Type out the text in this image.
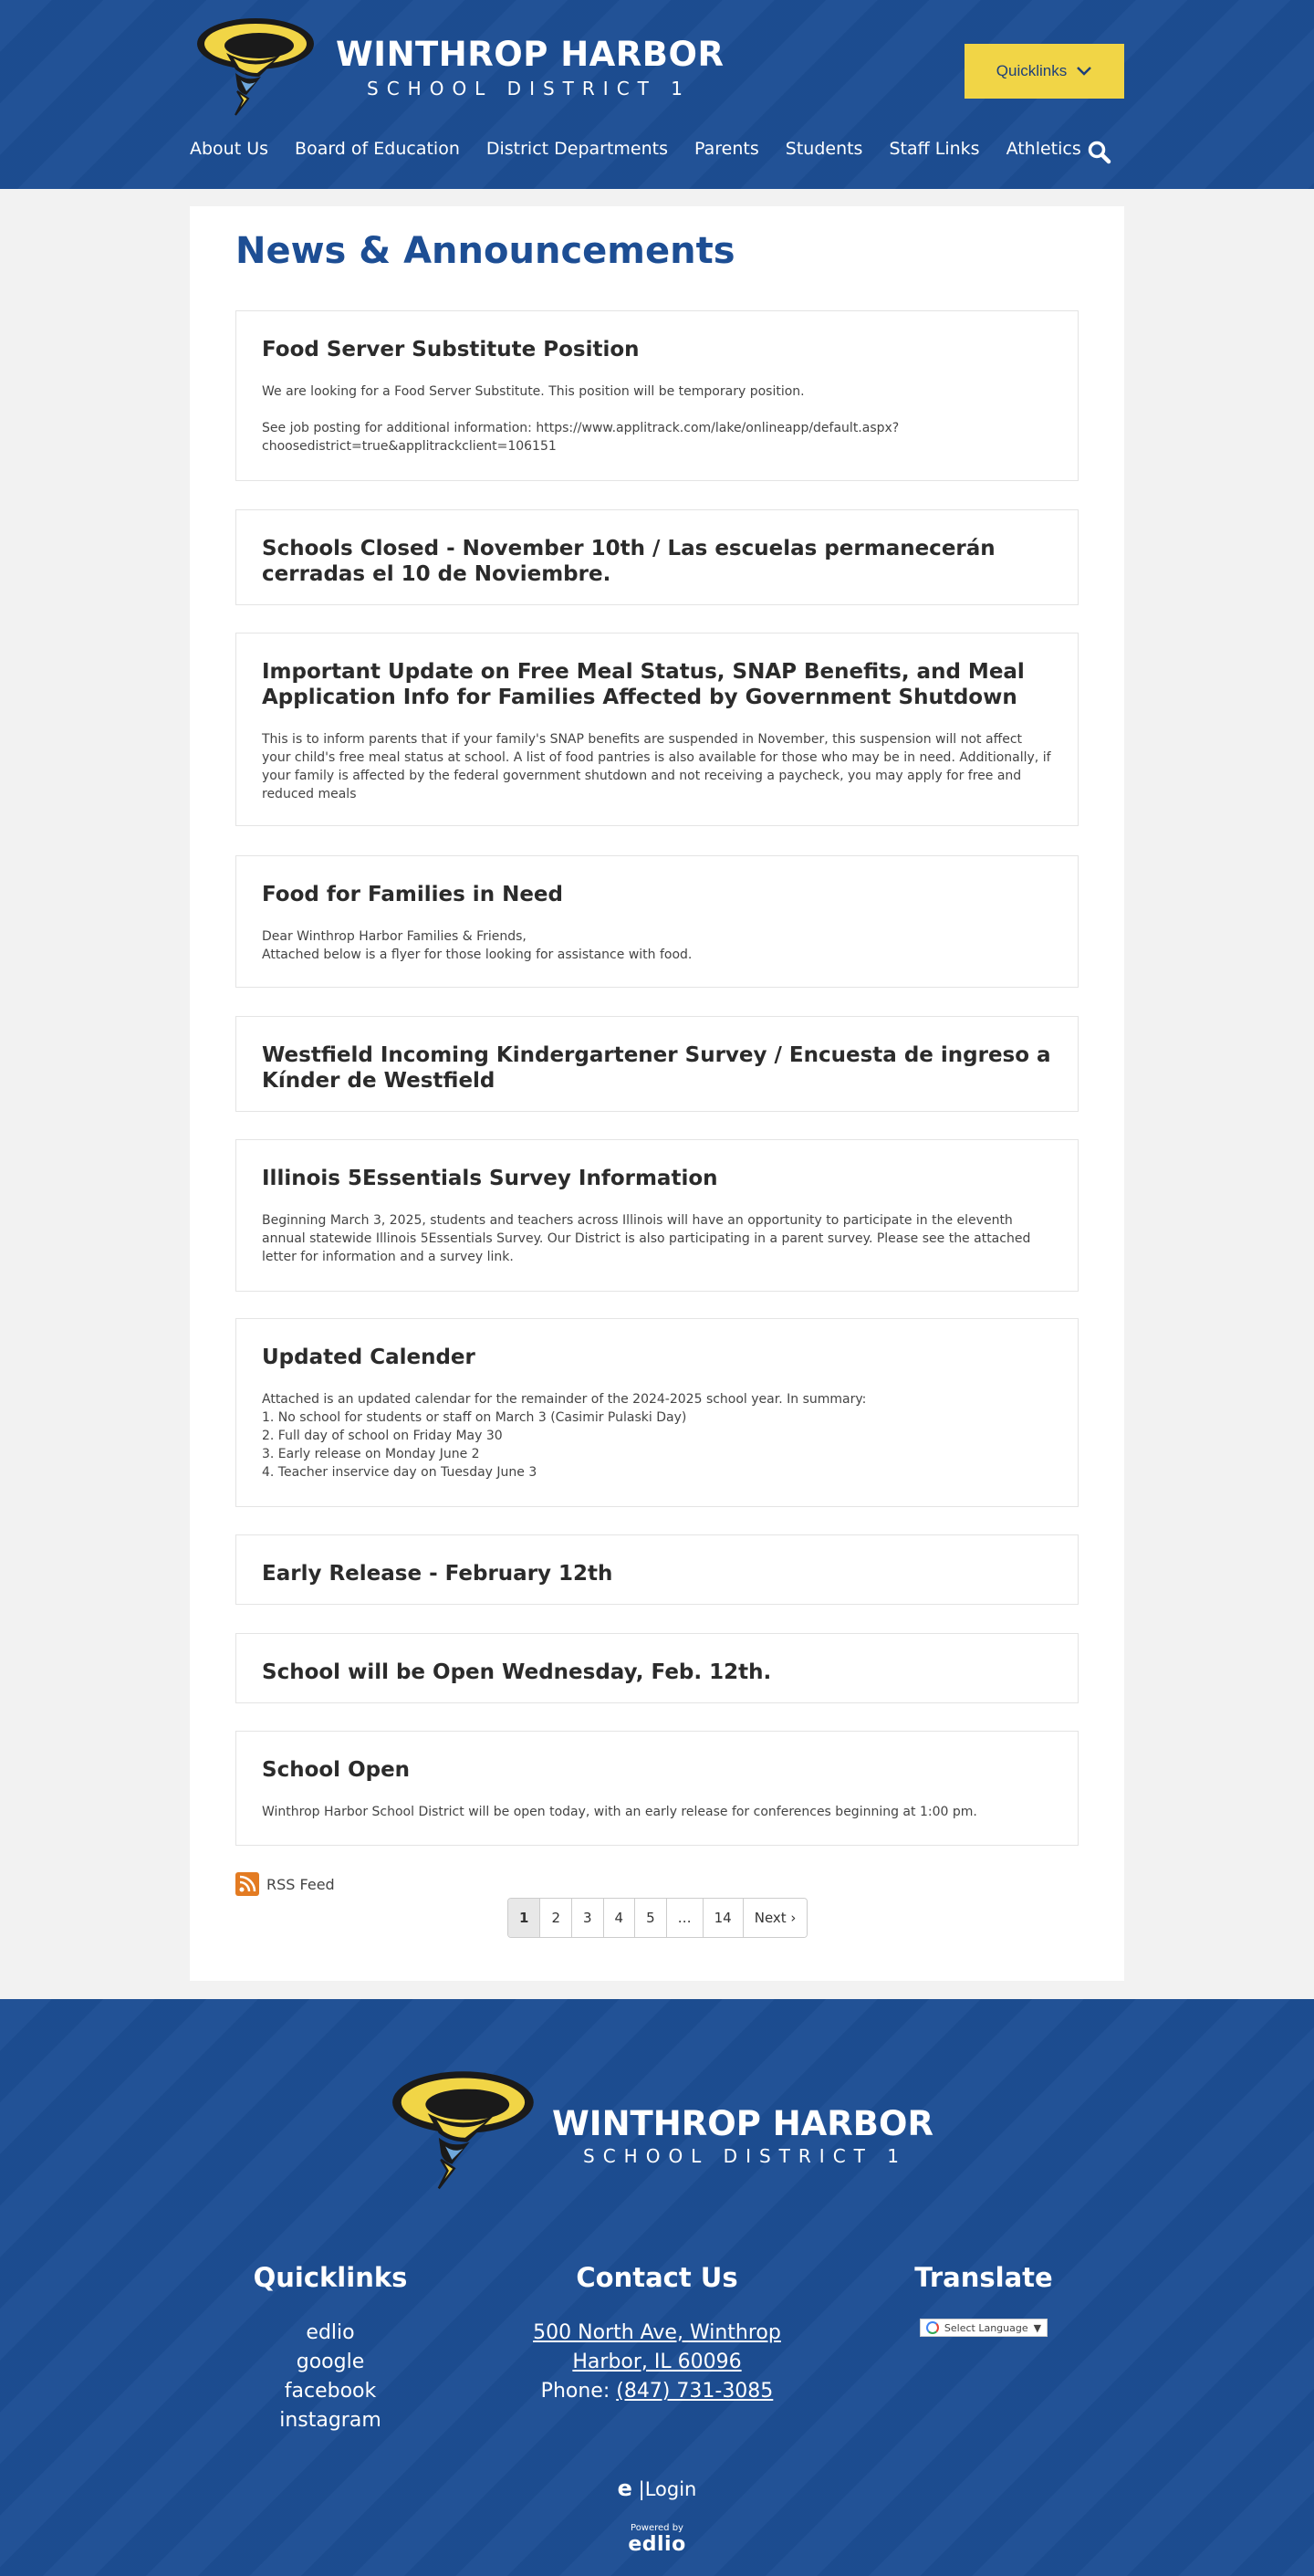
WINTHROP HARBOR
SCHOOL DISTRICT 1
Quicklinks
About Us Board of Education District Departments Parents Students Staff Links Athletics
News & Announcements
Food Server Substitute Position
We are looking for a Food Server Substitute. This position will be temporary position.

See job posting for additional information: https://www.applitrack.com/lake/onlineapp/default.aspx?
choosedistrict=true&applitrackclient=106151
Schools Closed - November 10th / Las escuelas permanecerán cerradas el 10 de Noviembre.
Important Update on Free Meal Status, SNAP Benefits, and Meal Application Info for Families Affected by Government Shutdown
This is to inform parents that if your family's SNAP benefits are suspended in November, this suspension will not affect your child's free meal status at school. A list of food pantries is also available for those who may be in need. Additionally, if your family is affected by the federal government shutdown and not receiving a paycheck, you may apply for free and reduced meals
Food for Families in Need
Dear Winthrop Harbor Families & Friends,
Attached below is a flyer for those looking for assistance with food.
Westfield Incoming Kindergartener Survey / Encuesta de ingreso a Kínder de Westfield
Illinois 5Essentials Survey Information
Beginning March 3, 2025, students and teachers across Illinois will have an opportunity to participate in the eleventh annual statewide Illinois 5Essentials Survey. Our District is also participating in a parent survey. Please see the attached letter for information and a survey link.
Updated Calender
Attached is an updated calendar for the remainder of the 2024-2025 school year. In summary:
1. No school for students or staff on March 3 (Casimir Pulaski Day)
2. Full day of school on Friday May 30
3. Early release on Monday June 2
4. Teacher inservice day on Tuesday June 3
Early Release - February 12th
School will be Open Wednesday, Feb. 12th.
School Open
Winthrop Harbor School District will be open today, with an early release for conferences beginning at 1:00 pm.
RSS Feed
1	2	3	4	5	…	14	Next ›
WINTHROP HARBOR
SCHOOL DISTRICT 1
Quicklinks
edlio
google
facebook
instagram
Contact Us
500 North Ave, Winthrop
Harbor, IL 60096
Phone: (847) 731-3085
Translate
Select Language ▼
e |Login
Powered by
edlio
